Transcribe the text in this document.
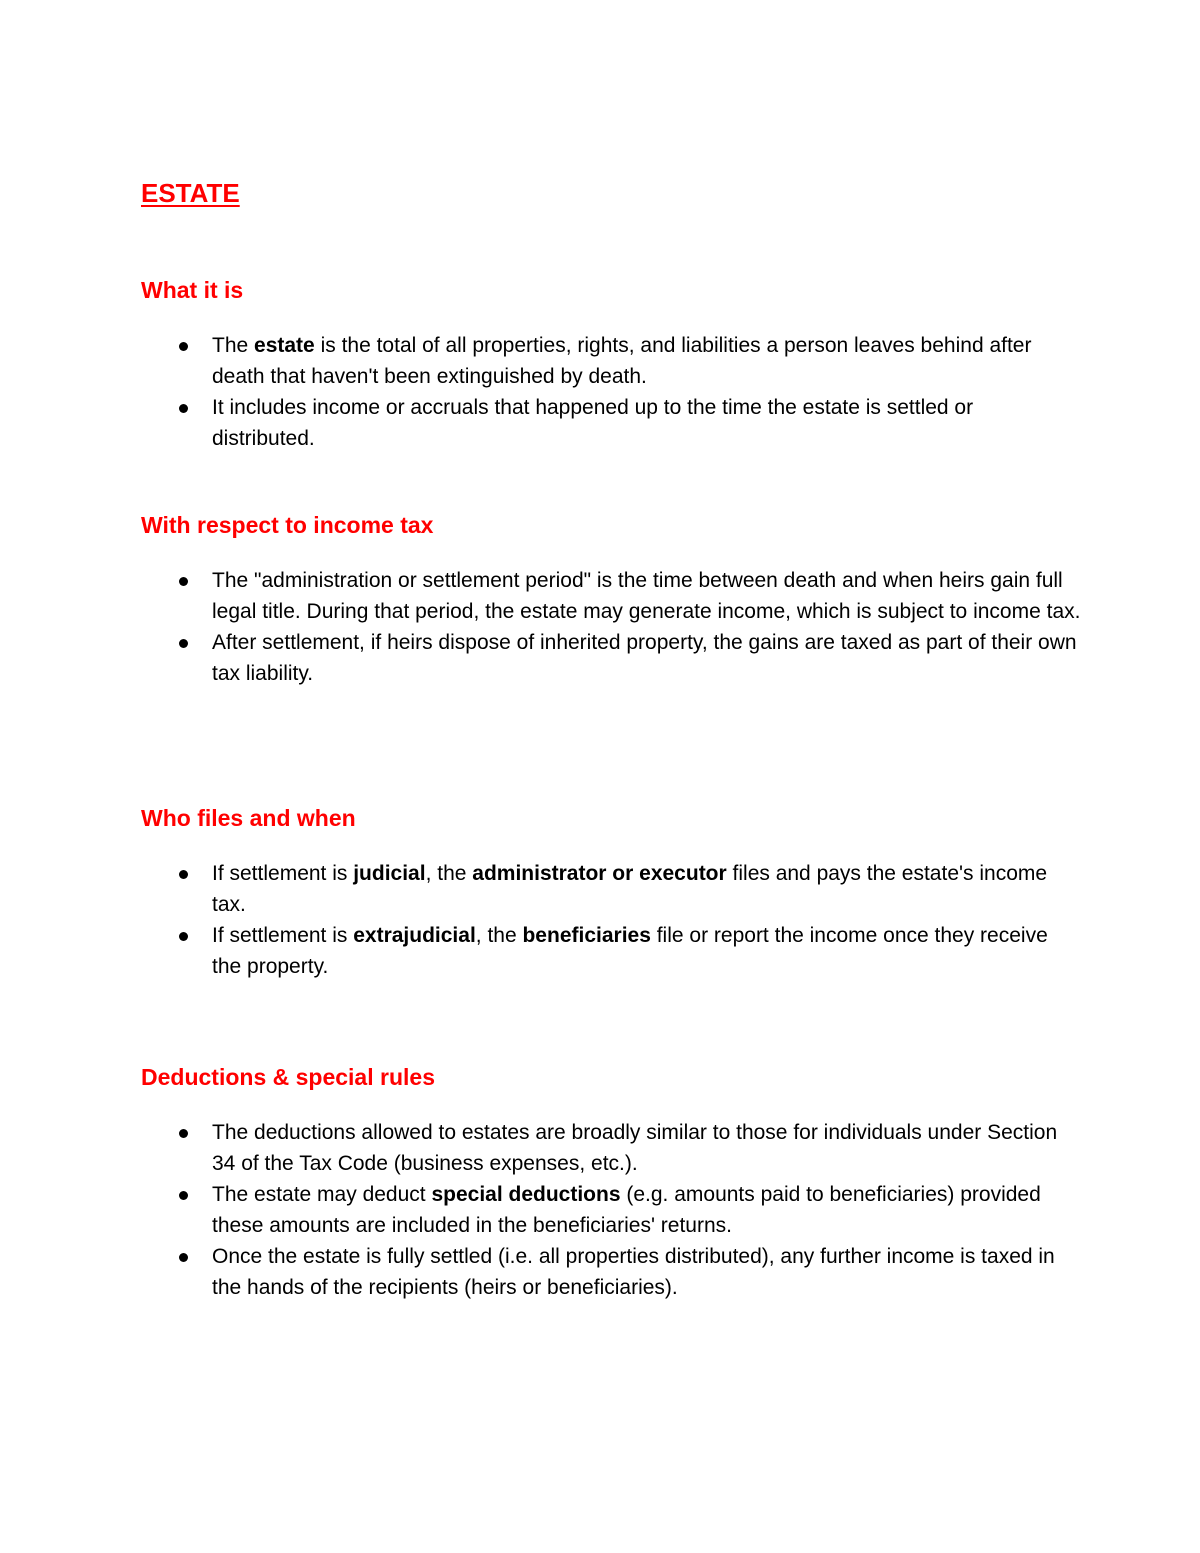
ESTATE
What it is
The estate is the total of all properties, rights, and liabilities a person leaves behind after death that haven't been extinguished by death.
It includes income or accruals that happened up to the time the estate is settled or distributed.
With respect to income tax
The "administration or settlement period" is the time between death and when heirs gain full legal title. During that period, the estate may generate income, which is subject to income tax.
After settlement, if heirs dispose of inherited property, the gains are taxed as part of their own tax liability.
Who files and when
If settlement is judicial, the administrator or executor files and pays the estate's income tax.
If settlement is extrajudicial, the beneficiaries file or report the income once they receive the property.
Deductions & special rules
The deductions allowed to estates are broadly similar to those for individuals under Section 34 of the Tax Code (business expenses, etc.).
The estate may deduct special deductions (e.g. amounts paid to beneficiaries) provided these amounts are included in the beneficiaries' returns.
Once the estate is fully settled (i.e. all properties distributed), any further income is taxed in the hands of the recipients (heirs or beneficiaries).
